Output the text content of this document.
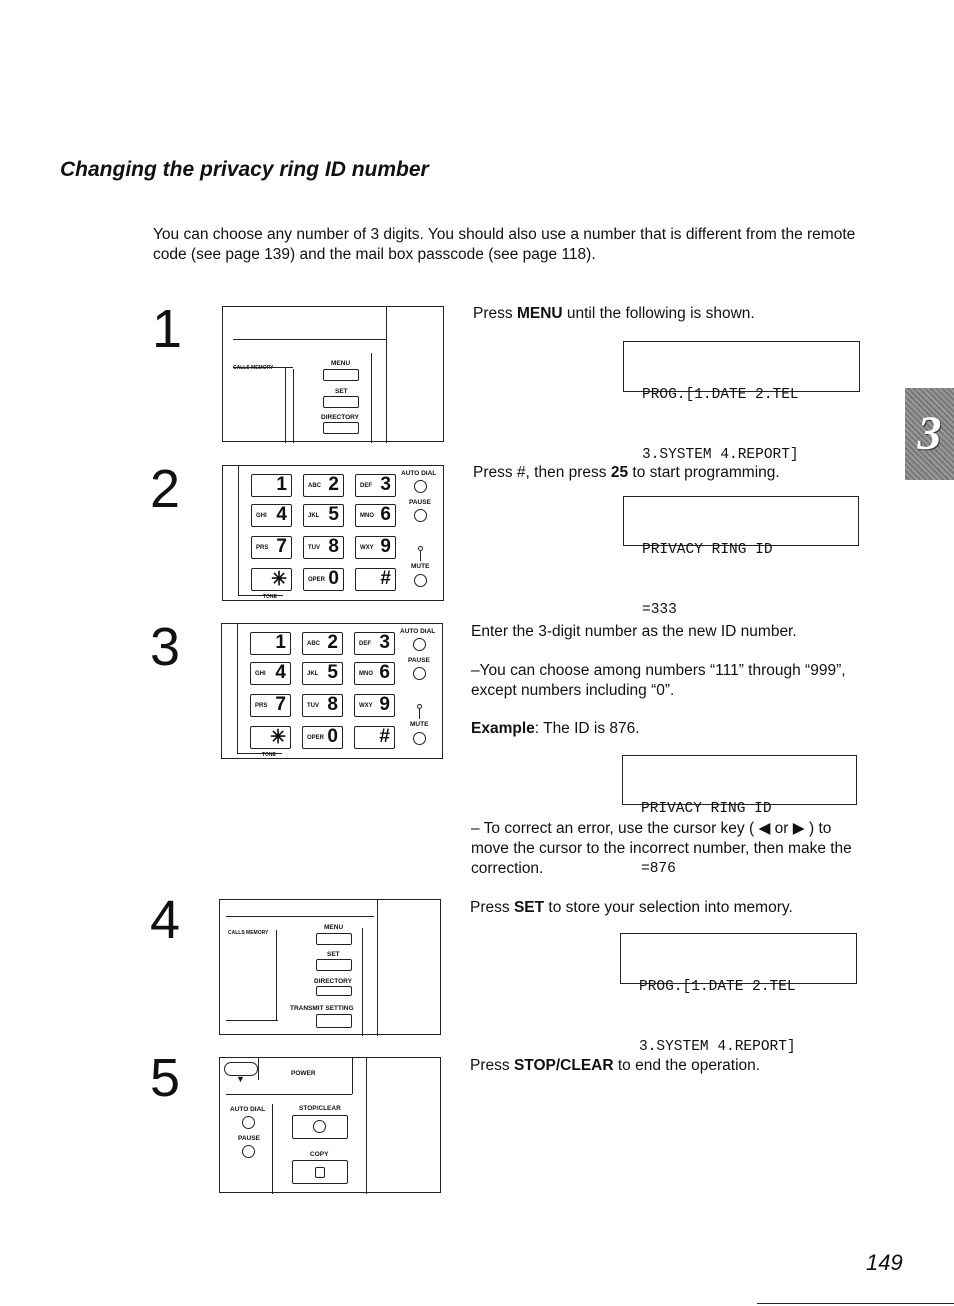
Changing the privacy ring ID number
You can choose any number of 3 digits. You should also use a number that is different from the remote code (see page 139) and the mail box passcode (see page 118).
3
1
CALLS MEMORY
MENU
SET
DIRECTORY
Press MENU until the following is shown.

PROG.[1.DATE 2.TEL

3.SYSTEM 4.REPORT]

2	1	ABC 2	DEF 3
GHI 4	JKL 5	MNO 6
PRS 7	TUV 8	WXY 9
✳	OPER 0 #
AUTO DIAL
PAUSE
MUTE
TONE
Press #, then press 25 to start programming.

PRIVACY RING ID

=333

3	1	ABC 2	DEF 3
GHI 4	JKL 5	MNO 6
PRS 7	TUV 8	WXY 9
✳	OPER 0 #
AUTO DIAL
PAUSE
MUTE
TONE
Enter the 3-digit number as the new ID number.
–You can choose among numbers “111” through “999”, except numbers including “0”.
Example: The ID is 876.

PRIVACY RING ID

=876

– To correct an error, use the cursor key ( ◀ or ▶ ) to move the cursor to the incorrect number, then make the correction.
4	CALLS MEMORY
MENU
SET
DIRECTORY
TRANSMIT SETTING
Press SET to store your selection into memory.

PROG.[1.DATE 2.TEL

3.SYSTEM 4.REPORT]

5	▼
POWER
AUTO DIAL
PAUSE
STOP/CLEAR
COPY
Press STOP/CLEAR to end the operation.
149
